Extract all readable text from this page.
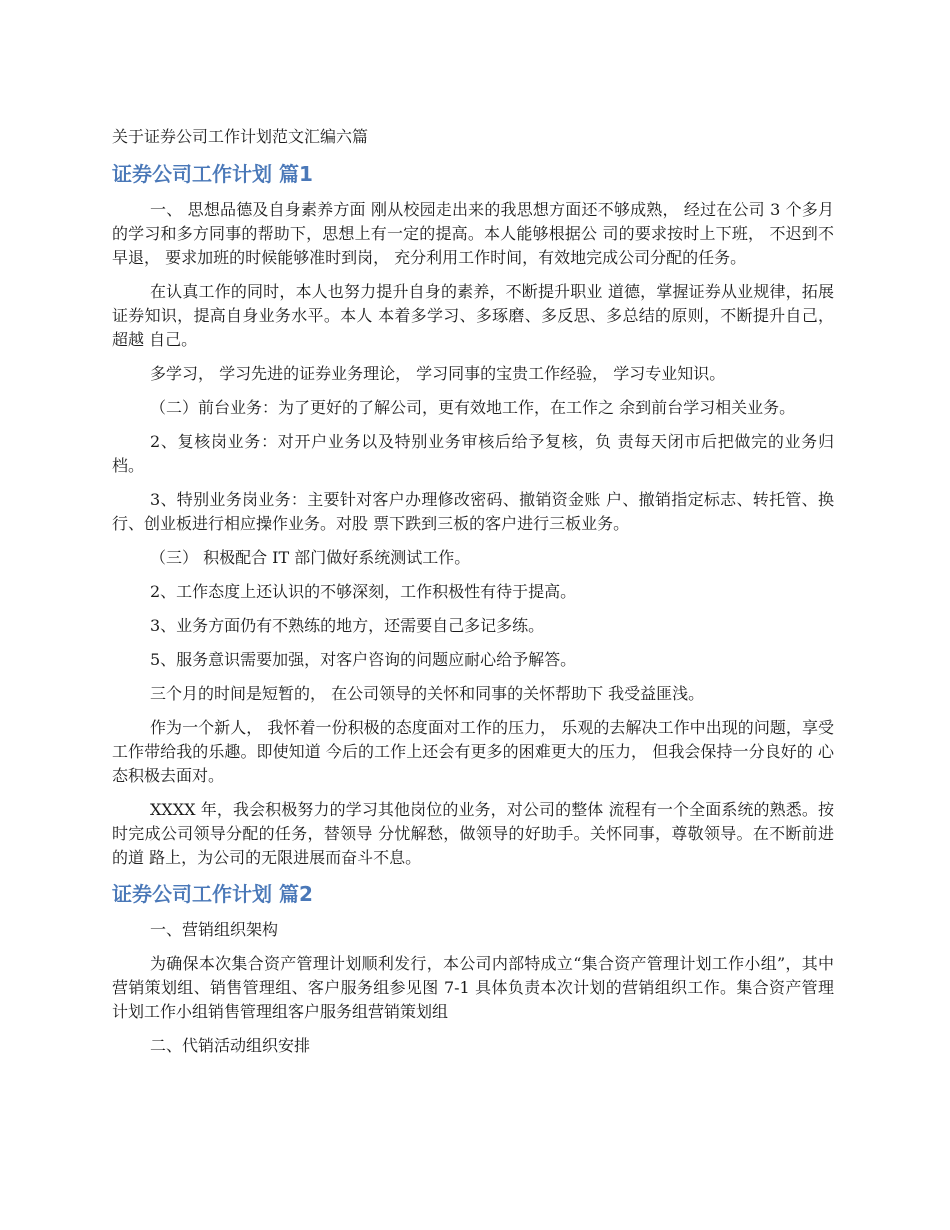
关于证券公司工作计划范文汇编六篇
证券公司工作计划 篇1

一、 思想品德及自身素养方面 刚从校园走出来的我思想方面还不够成熟， 经过在公司 3 个多月 的学习和多方同事的帮助下，思想上有一定的提高。本人能够根据公 司的要求按时上下班， 不迟到不早退， 要求加班的时候能够准时到岗， 充分利用工作时间，有效地完成公司分配的任务。

在认真工作的同时，本人也努力提升自身的素养，不断提升职业 道德，掌握证券从业规律，拓展证券知识，提高自身业务水平。本人 本着多学习、多琢磨、多反思、多总结的原则，不断提升自己，超越 自己。

多学习， 学习先进的证券业务理论， 学习同事的宝贵工作经验， 学习专业知识。

（二）前台业务：为了更好的了解公司，更有效地工作，在工作之 余到前台学习相关业务。

2、复核岗业务：对开户业务以及特别业务审核后给予复核，负 责每天闭市后把做完的业务归档。

3、特别业务岗业务：主要针对客户办理修改密码、撤销资金账 户、撤销指定标志、转托管、换行、创业板进行相应操作业务。对股 票下跌到三板的客户进行三板业务。

（三） 积极配合 IT 部门做好系统测试工作。

2、工作态度上还认识的不够深刻，工作积极性有待于提高。

3、业务方面仍有不熟练的地方，还需要自己多记多练。

5、服务意识需要加强，对客户咨询的问题应耐心给予解答。

三个月的时间是短暂的， 在公司领导的关怀和同事的关怀帮助下 我受益匪浅。

作为一个新人， 我怀着一份积极的态度面对工作的压力， 乐观的去解决工作中出现的问题，享受工作带给我的乐趣。即使知道 今后的工作上还会有更多的困难更大的压力， 但我会保持一分良好的 心态积极去面对。

XXXX 年，我会积极努力的学习其他岗位的业务，对公司的整体 流程有一个全面系统的熟悉。按时完成公司领导分配的任务，替领导 分忧解愁，做领导的好助手。关怀同事，尊敬领导。在不断前进的道 路上，为公司的无限进展而奋斗不息。

证券公司工作计划 篇2

一、营销组织架构

为确保本次集合资产管理计划顺利发行，本公司内部特成立“集合资产管理计划工作小组”，其中营销策划组、销售管理组、客户服务组参见图 7-1 具体负责本次计划的营销组织工作。集合资产管理计划工作小组销售管理组客户服务组营销策划组

二、代销活动组织安排
